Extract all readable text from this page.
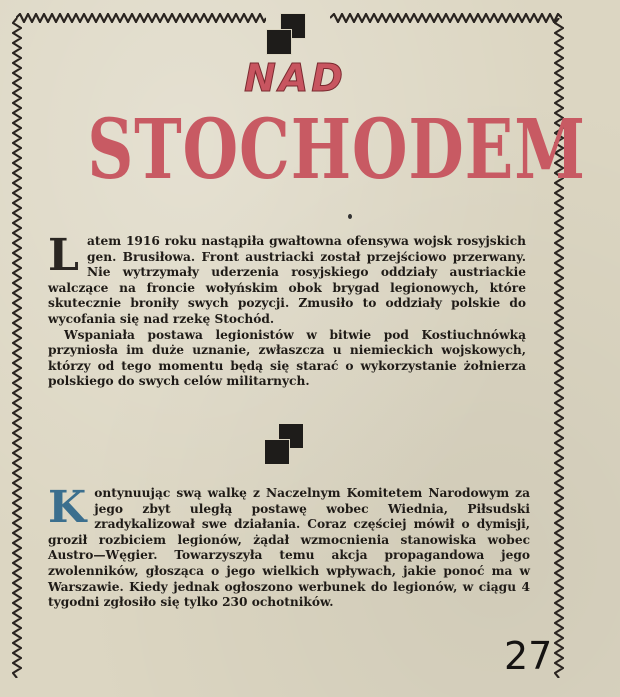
NAD
STOCHODEM
L atem 1916 roku nastąpiła gwałtowna ofensywa wojsk rosyjskich gen. Brusiłowa. Front austriacki został przejściowo przerwany. Nie wytrzymały uderzenia rosyjskiego oddziały austriackie walczące na froncie wołyńskim obok brygad legionowych, które skutecznie broniły swych pozycji. Zmusiło to oddziały polskie do wycofania się nad rzekę Stochód.

Wspaniała postawa legionistów w bitwie pod Kostiuchnówką przyniosła im duże uznanie, zwłaszcza u niemieckich wojskowych, którzy od tego momentu będą się starać o wykorzystanie żołnierza polskiego do swych celów militarnych.

K ontynuując swą walkę z Naczelnym Komitetem Narodowym za jego zbyt uległą postawę wobec Wiednia, Piłsudski zradykalizował swe działania. Coraz częściej mówił o dymisji, groził rozbiciem legionów, żądał wzmocnienia stanowiska wobec Austro—Węgier. Towarzyszyła temu akcja propagandowa jego zwolenników, głosząca o jego wielkich wpływach, jakie ponoć ma w Warszawie. Kiedy jednak ogłoszono werbunek do legionów, w ciągu 4 tygodni zgłosiło się tylko 230 ochotników.

27
